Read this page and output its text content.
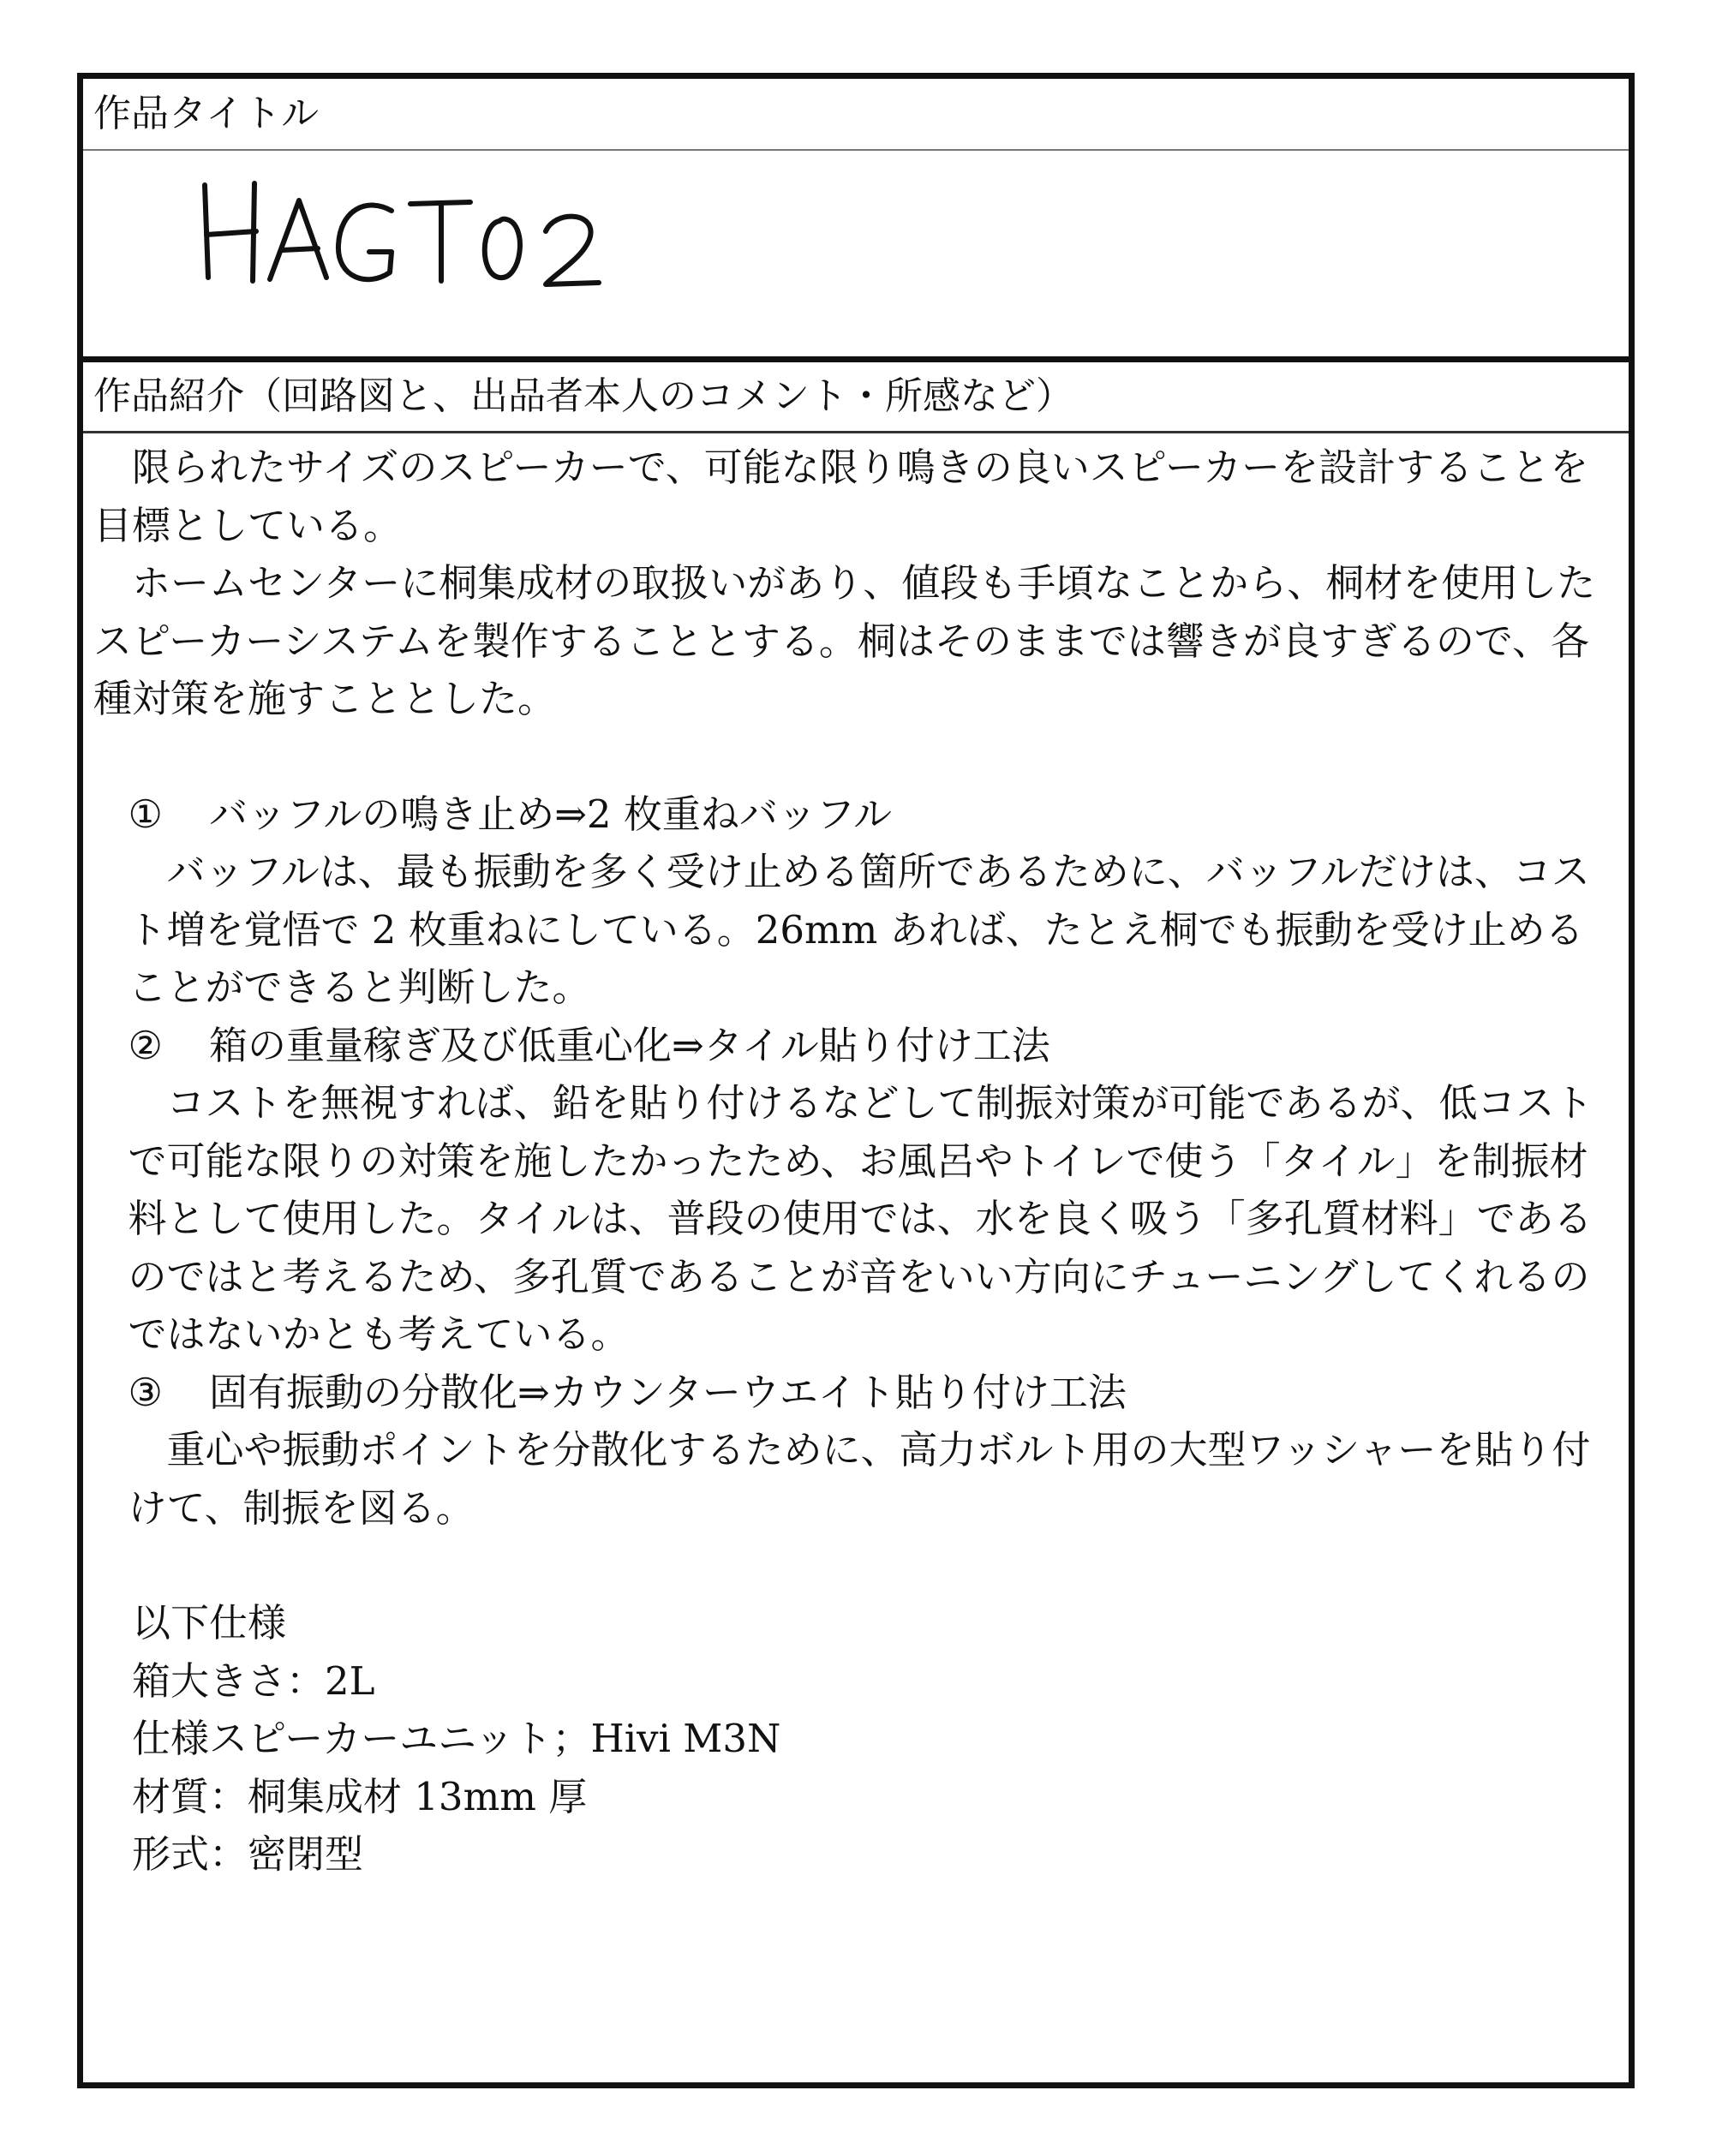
作品タイトル
作品紹介（回路図と、出品者本人のコメント・所感など）

限られたサイズのスピーカーで、可能な限り鳴きの良いスピーカーを設計することを目標としている。

ホームセンターに桐集成材の取扱いがあり、値段も手頃なことから、桐材を使用したスピーカーシステムを製作することとする。桐はそのままでは響きが良すぎるので、各種対策を施すこととした。

① バッフルの鳴き止め⇒2 枚重ねバッフル

バッフルは、最も振動を多く受け止める箇所であるために、バッフルだけは、コスト増を覚悟で 2 枚重ねにしている。26mm あれば、たとえ桐でも振動を受け止めることができると判断した。

② 箱の重量稼ぎ及び低重心化⇒タイル貼り付け工法

コストを無視すれば、鉛を貼り付けるなどして制振対策が可能であるが、低コストで可能な限りの対策を施したかったため、お風呂やトイレで使う「タイル」を制振材料として使用した。タイルは、普段の使用では、水を良く吸う「多孔質材料」であるのではと考えるため、多孔質であることが音をいい方向にチューニングしてくれるのではないかとも考えている。

③ 固有振動の分散化⇒カウンターウエイト貼り付け工法

重心や振動ポイントを分散化するために、高力ボルト用の大型ワッシャーを貼り付けて、制振を図る。

以下仕様
箱大きさ：2L
仕様スピーカーユニット；Hivi M3N
材質：桐集成材 13mm 厚
形式：密閉型
